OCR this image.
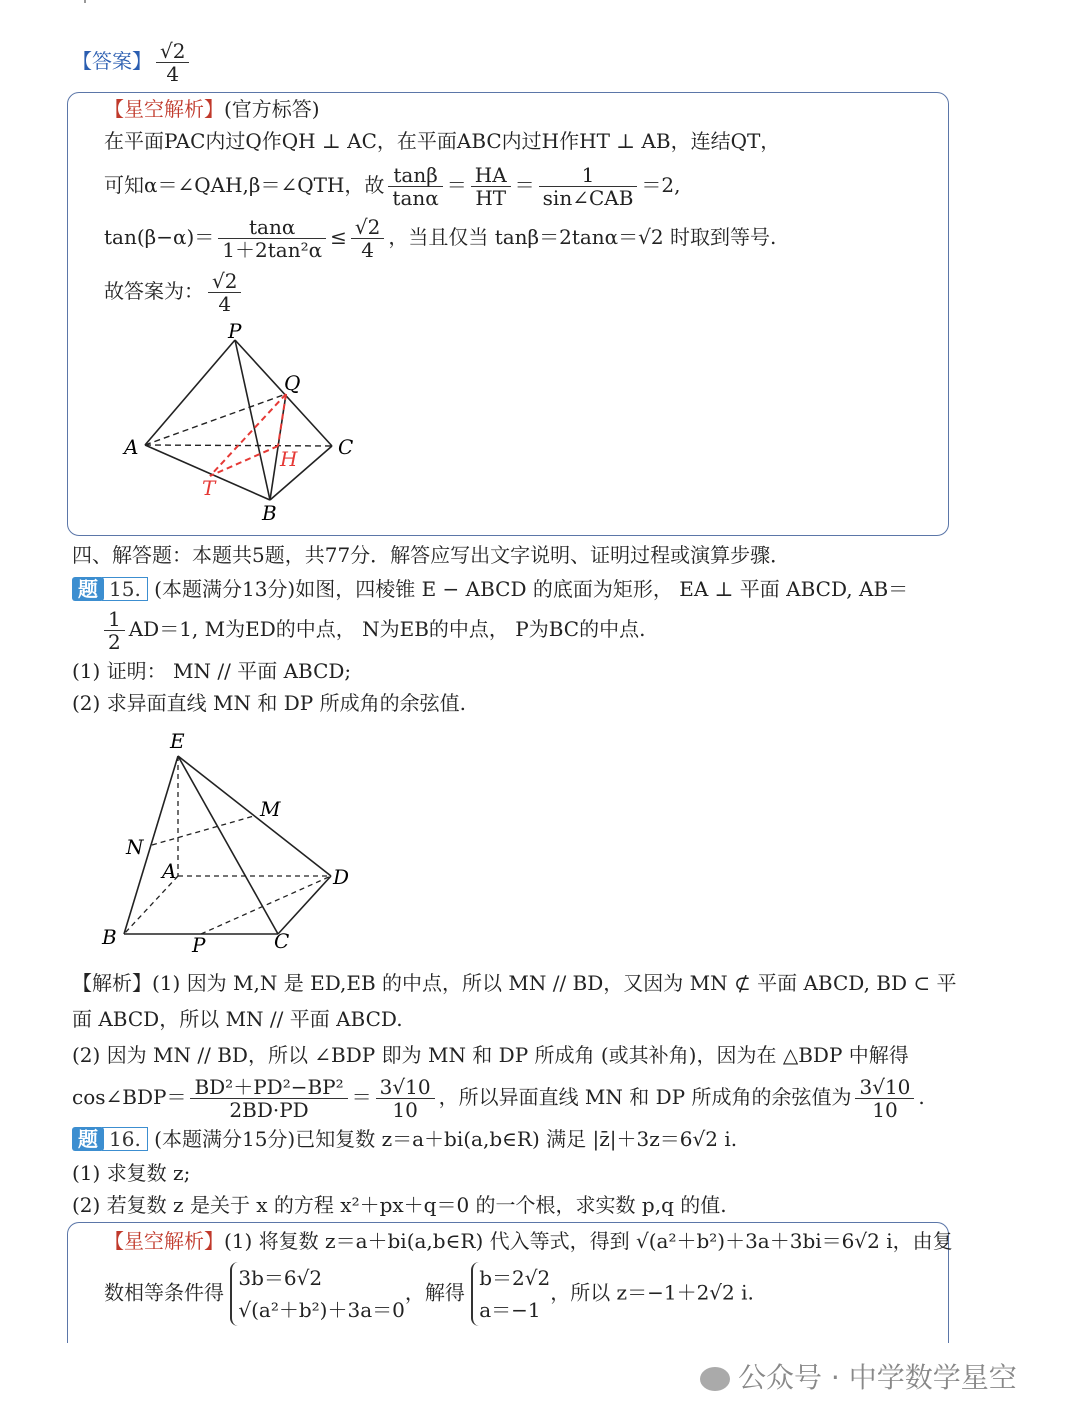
【答案】 $\frac{√2}{4}$
【星空解析】(官方标答)
在平面PAC内过Q作QH ⊥ AC，在平面ABC内过H作HT ⊥ AB，连结QT，
可知α＝∠QAH,β＝∠QTH，故 $\frac{\tan\beta}{\tan\alpha} = \frac{HA}{HT} = \frac{1}{\text{sin∠CAB}} =2$,
$\tan(\beta-\alpha)= \frac{\tan\alpha}{\text{1＋2tan²α}} \le \frac{√2}{4}$ ，当且仅当 tanβ＝2tanα＝√2 时取到等号.
故答案为： $\frac{√2}{4}$
P
Q
A	C
H
T
B
四、解答题：本题共5题，共77分．解答应写出文字说明、证明过程或演算步骤．
题 15. (本题满分13分)如图，四棱锥 E − ABCD 的底面为矩形， EA ⊥ 平面 ABCD, AB＝
$\frac{1}{2} AD=1$, M为ED的中点， N为EB的中点， P为BC的中点.
(1) 证明： MN // 平面 ABCD;
(2) 求异面直线 MN 和 DP 所成角的余弦值.
E
M
N
A	D
B	P	C
【解析】(1) 因为 M,N 是 ED,EB 的中点，所以 MN // BD，又因为 MN ⊄ 平面 ABCD, BD ⊂ 平
面 ABCD，所以 MN // 平面 ABCD.
(2) 因为 MN // BD，所以 ∠BDP 即为 MN 和 DP 所成角 (或其补角)，因为在 △BDP 中解得
cos∠BDP＝ $\frac{\text{BD²＋PD²−BP²}}{2BD\cdot PD} = \frac{3√10}{10}$ ，所以异面直线 MN 和 DP 所成角的余弦值为 $\frac{3√10}{10}$ .
题 16. (本题满分15分)已知复数 z＝a＋bi(a,b∈R) 满足 |z̄|＋3z＝6√2 i.
(1) 求复数 z;
(2) 若复数 z 是关于 x 的方程 x²＋px＋q＝0 的一个根，求实数 p,q 的值.
【星空解析】(1) 将复数 z＝a＋bi(a,b∈R) 代入等式，得到 √(a²＋b²)＋3a＋3bi＝6√2 i，由复
数相等条件得
3b＝6√2
√(a²＋b²)＋3a＝0
，解得
b＝2√2
a＝−1
，所以 z＝−1＋2√2 i.
公众号 · 中学数学星空
